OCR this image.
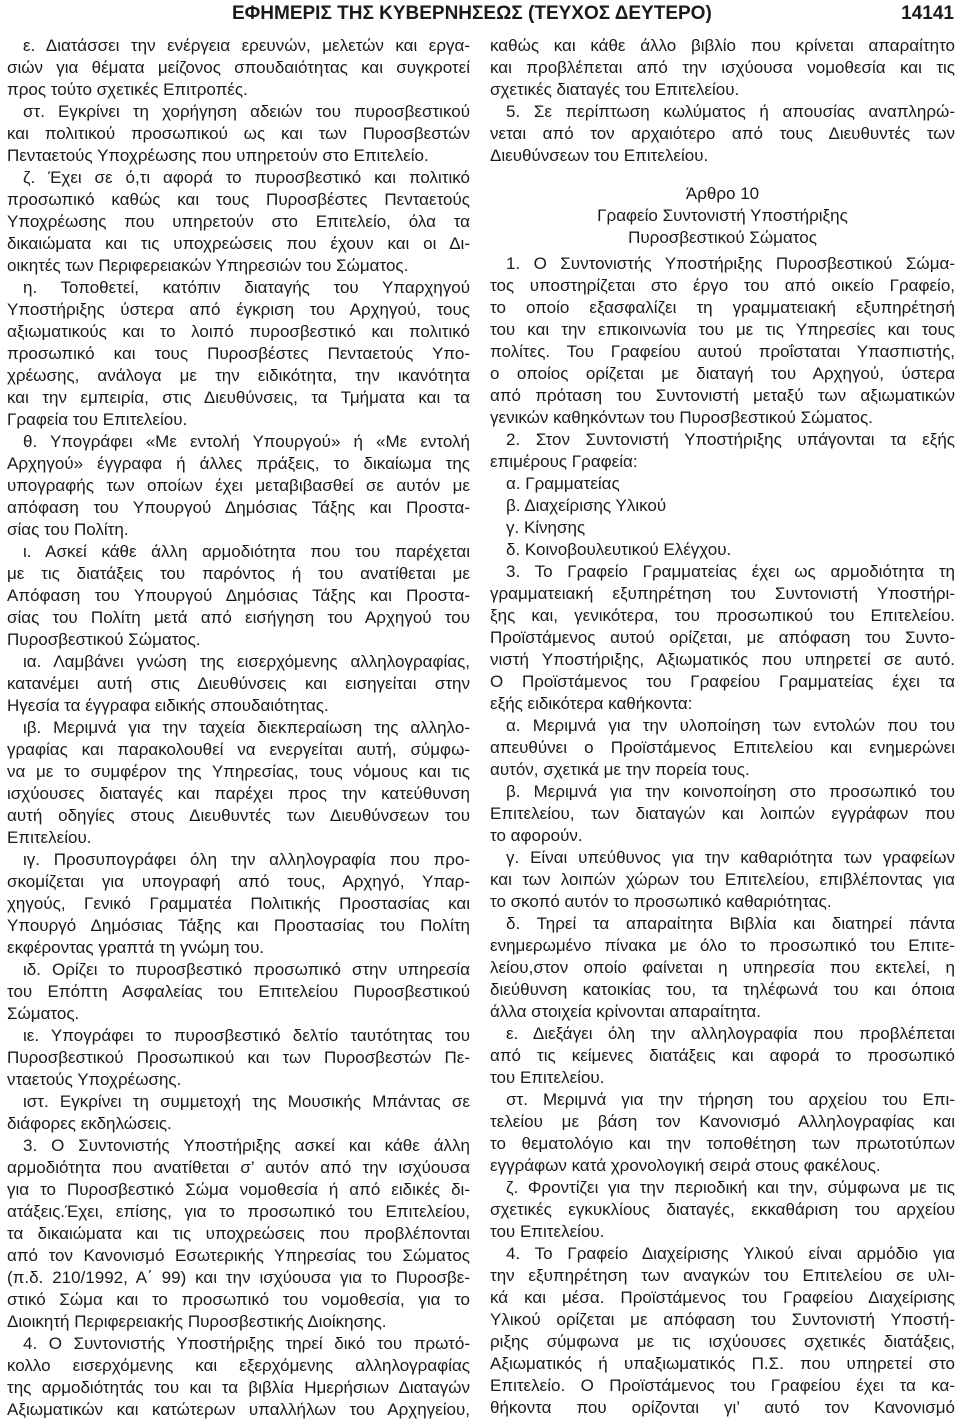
ΕΦΗΜΕΡΙΣ ΤΗΣ ΚΥΒΕΡΝΗΣΕΩΣ (ΤΕΥΧΟΣ ΔΕΥΤΕΡΟ)	14141
ε. Διατάσσει την ενέργεια ερευνών, μελετών και εργα-
σιών για θέματα μείζονος σπουδαιότητας και συγκροτεί
προς τούτο σχετικές Επιτροπές.
στ. Εγκρίνει τη χορήγηση αδειών του πυροσβεστικού
και πολιτικού προσωπικού ως και των Πυροσβεστών
Πενταετούς Υποχρέωσης που υπηρετούν στο Επιτελείο.
ζ. Έχει σε ό,τι αφορά το πυροσβεστικό και πολιτικό
προσωπικό καθώς και τους Πυροσβέστες Πενταετούς
Υποχρέωσης που υπηρετούν στο Επιτελείο, όλα τα
δικαιώματα και τις υποχρεώσεις που έχουν και οι Δι-
οικητές των Περιφερειακών Υπηρεσιών του Σώματος.
η. Τοποθετεί, κατόπιν διαταγής του Υπαρχηγού
Υποστήριξης ύστερα από έγκριση του Αρχηγού, τους
αξιωματικούς και το λοιπό πυροσβεστικό και πολιτικό
προσωπικό και τους Πυροσβέστες Πενταετούς Υπο-
χρέωσης, ανάλογα με την ειδικότητα, την ικανότητα
και την εμπειρία, στις Διευθύνσεις, τα Τμήματα και τα
Γραφεία του Επιτελείου.
θ. Υπογράφει «Με εντολή Υπουργού» ή «Με εντολή
Αρχηγού» έγγραφα ή άλλες πράξεις, το δικαίωμα της
υπογραφής των οποίων έχει μεταβιβασθεί σε αυτόν με
απόφαση του Υπουργού Δημόσιας Τάξης και Προστα-
σίας του Πολίτη.
ι. Ασκεί κάθε άλλη αρμοδιότητα που του παρέχεται
με τις διατάξεις του παρόντος ή του ανατίθεται με
Απόφαση του Υπουργού Δημόσιας Τάξης και Προστα-
σίας του Πολίτη μετά από εισήγηση του Αρχηγού του
Πυροσβεστικού Σώματος.
ια. Λαμβάνει γνώση της εισερχόμενης αλληλογραφίας,
κατανέμει αυτή στις Διευθύνσεις και εισηγείται στην
Ηγεσία τα έγγραφα ειδικής σπουδαιότητας.
ιβ. Μεριμνά για την ταχεία διεκπεραίωση της αλληλο-
γραφίας και παρακολουθεί να ενεργείται αυτή, σύμφω-
να με το συμφέρον της Υπηρεσίας, τους νόμους και τις
ισχύουσες διαταγές και παρέχει προς την κατεύθυνση
αυτή οδηγίες στους Διευθυντές των Διευθύνσεων του
Επιτελείου.
ιγ. Προσυπογράφει όλη την αλληλογραφία που προ-
σκομίζεται για υπογραφή από τους, Αρχηγό, Υπαρ-
χηγούς, Γενικό Γραμματέα Πολιτικής Προστασίας και
Υπουργό Δημόσιας Τάξης και Προστασίας του Πολίτη
εκφέροντας γραπτά τη γνώμη του.
ιδ. Ορίζει το πυροσβεστικό προσωπικό στην υπηρεσία
του Επόπτη Ασφαλείας του Επιτελείου Πυροσβεστικού
Σώματος.
ιε. Υπογράφει το πυροσβεστικό δελτίο ταυτότητας του
Πυροσβεστικού Προσωπικού και των Πυροσβεστών Πε-
νταετούς Υποχρέωσης.
ιστ. Εγκρίνει τη συμμετοχή της Μουσικής Μπάντας σε
διάφορες εκδηλώσεις.
3. Ο Συντονιστής Υποστήριξης ασκεί και κάθε άλλη
αρμοδιότητα που ανατίθεται σ’ αυτόν από την ισχύουσα
για το Πυροσβεστικό Σώμα νομοθεσία ή από ειδικές δι-
ατάξεις.Έχει, επίσης, για το προσωπικό του Επιτελείου,
τα δικαιώματα και τις υποχρεώσεις που προβλέπονται
από τον Κανονισμό Εσωτερικής Υπηρεσίας του Σώματος
(π.δ. 210/1992, Α΄ 99) και την ισχύουσα για το Πυροσβε-
στικό Σώμα και το προσωπικό του νομοθεσία, για το
Διοικητή Περιφερειακής Πυροσβεστικής Διοίκησης.
4. Ο Συντονιστής Υποστήριξης τηρεί δικό του πρωτό-
κολλο εισερχόμενης και εξερχόμενης αλληλογραφίας
της αρμοδιότητάς του και τα βιβλία Ημερήσιων Διαταγών
Αξιωματικών και κατώτερων υπαλλήλων του Αρχηγείου,
καθώς και κάθε άλλο βιβλίο που κρίνεται απαραίτητο
και προβλέπεται από την ισχύουσα νομοθεσία και τις
σχετικές διαταγές του Επιτελείου.
5. Σε περίπτωση κωλύματος ή απουσίας αναπληρώ-
νεται από τον αρχαιότερο από τους Διευθυντές των
Διευθύνσεων του Επιτελείου.
Άρθρο 10
Γραφείο Συντονιστή Υποστήριξης
Πυροσβεστικού Σώματος
1. Ο Συντονιστής Υποστήριξης Πυροσβεστικού Σώμα-
τος υποστηρίζεται στο έργο του από οικείο Γραφείο,
το οποίο εξασφαλίζει τη γραμματειακή εξυπηρέτησή
του και την επικοινωνία του με τις Υπηρεσίες και τους
πολίτες. Του Γραφείου αυτού προΐσταται Υπασπιστής,
ο οποίος ορίζεται με διαταγή του Αρχηγού, ύστερα
από πρόταση του Συντονιστή μεταξύ των αξιωματικών
γενικών καθηκόντων του Πυροσβεστικού Σώματος.
2. Στον Συντονιστή Υποστήριξης υπάγονται τα εξής
επιμέρους Γραφεία:
α. Γραμματείας
β. Διαχείρισης Υλικού
γ. Κίνησης
δ. Κοινοβουλευτικού Ελέγχου.
3. Το Γραφείο Γραμματείας έχει ως αρμοδιότητα τη
γραμματειακή εξυπηρέτηση του Συντονιστή Υποστήρι-
ξης και, γενικότερα, του προσωπικού του Επιτελείου.
Προϊστάμενος αυτού ορίζεται, με απόφαση του Συντο-
νιστή Υποστήριξης, Αξιωματικός που υπηρετεί σε αυτό.
Ο Προϊστάμενος του Γραφείου Γραμματείας έχει τα
εξής ειδικότερα καθήκοντα:
α. Μεριμνά για την υλοποίηση των εντολών που του
απευθύνει ο Προϊστάμενος Επιτελείου και ενημερώνει
αυτόν, σχετικά με την πορεία τους.
β. Μεριμνά για την κοινοποίηση στο προσωπικό του
Επιτελείου, των διαταγών και λοιπών εγγράφων που
το αφορούν.
γ. Είναι υπεύθυνος για την καθαριότητα των γραφείων
και των λοιπών χώρων του Επιτελείου, επιβλέποντας για
το σκοπό αυτόν το προσωπικό καθαριότητας.
δ. Τηρεί τα απαραίτητα Βιβλία και διατηρεί πάντα
ενημερωμένο πίνακα με όλο το προσωπικό του Επιτε-
λείου,στον οποίο φαίνεται η υπηρεσία που εκτελεί, η
διεύθυνση κατοικίας του, τα τηλέφωνά του και όποια
άλλα στοιχεία κρίνονται απαραίτητα.
ε. Διεξάγει όλη την αλληλογραφία που προβλέπεται
από τις κείμενες διατάξεις και αφορά το προσωπικό
του Επιτελείου.
στ. Μεριμνά για την τήρηση του αρχείου του Επι-
τελείου με βάση τον Κανονισμό Αλληλογραφίας και
το θεματολόγιο και την τοποθέτηση των πρωτοτύπων
εγγράφων κατά χρονολογική σειρά στους φακέλους.
ζ. Φροντίζει για την περιοδική και την, σύμφωνα με τις
σχετικές εγκυκλίους διαταγές, εκκαθάριση του αρχείου
του Επιτελείου.
4. Το Γραφείο Διαχείρισης Υλικού είναι αρμόδιο για
την εξυπηρέτηση των αναγκών του Επιτελείου σε υλι-
κά και μέσα. Προϊστάμενος του Γραφείου Διαχείρισης
Υλικού ορίζεται με απόφαση του Συντονιστή Υποστή-
ριξης σύμφωνα με τις ισχύουσες σχετικές διατάξεις,
Αξιωματικός ή υπαξιωματικός Π.Σ. που υπηρετεί στο
Επιτελείο. Ο Προϊστάμενος του Γραφείου έχει τα κα-
θήκοντα που ορίζονται γι’ αυτό τον Κανονισμό
